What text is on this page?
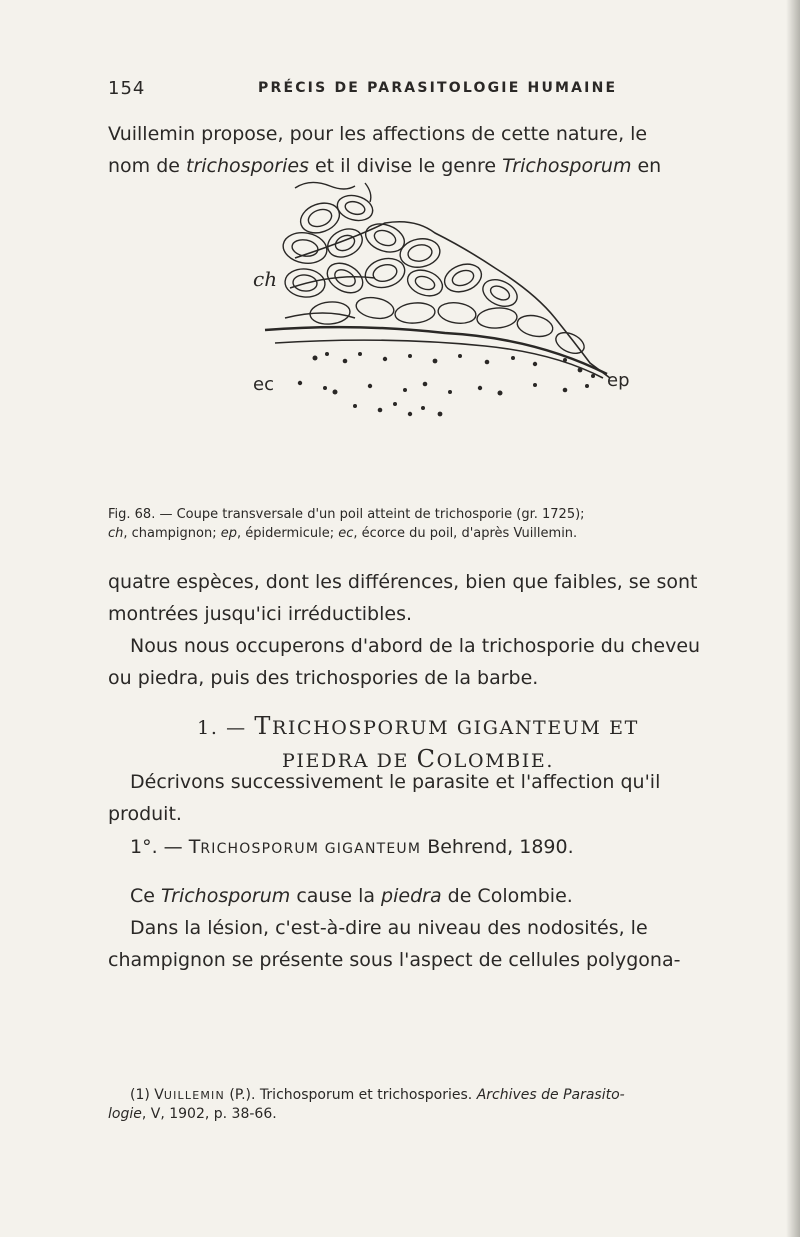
154	PRÉCIS DE PARASITOLOGIE HUMAINE

Vuillemin propose, pour les affections de cette nature, le
nom de trichospories et il divise le genre Trichosporum en

ch
ep
ec
Fig. 68. — Coupe transversale d'un poil atteint de trichosporie (gr. 1725);
ch, champignon; ep, épidermicule; ec, écorce du poil, d'après Vuillemin.

quatre espèces, dont les différences, bien que faibles, se sont
montrées jusqu'ici irréductibles.

Nous nous occuperons d'abord de la trichosporie du cheveu
ou piedra, puis des trichospories de la barbe.

1. — TRICHOSPORUM GIGANTEUM ET
PIEDRA DE COLOMBIE.

Décrivons successivement le parasite et l'affection qu'il
produit.

1°. — TRICHOSPORUM GIGANTEUM Behrend, 1890.

Ce Trichosporum cause la piedra de Colombie.
Dans la lésion, c'est-à-dire au niveau des nodosités, le
champignon se présente sous l'aspect de cellules polygona-

(1) VUILLEMIN (P.). Trichosporum et trichospories. Archives de Parasito-
logie, V, 1902, p. 38-66.
